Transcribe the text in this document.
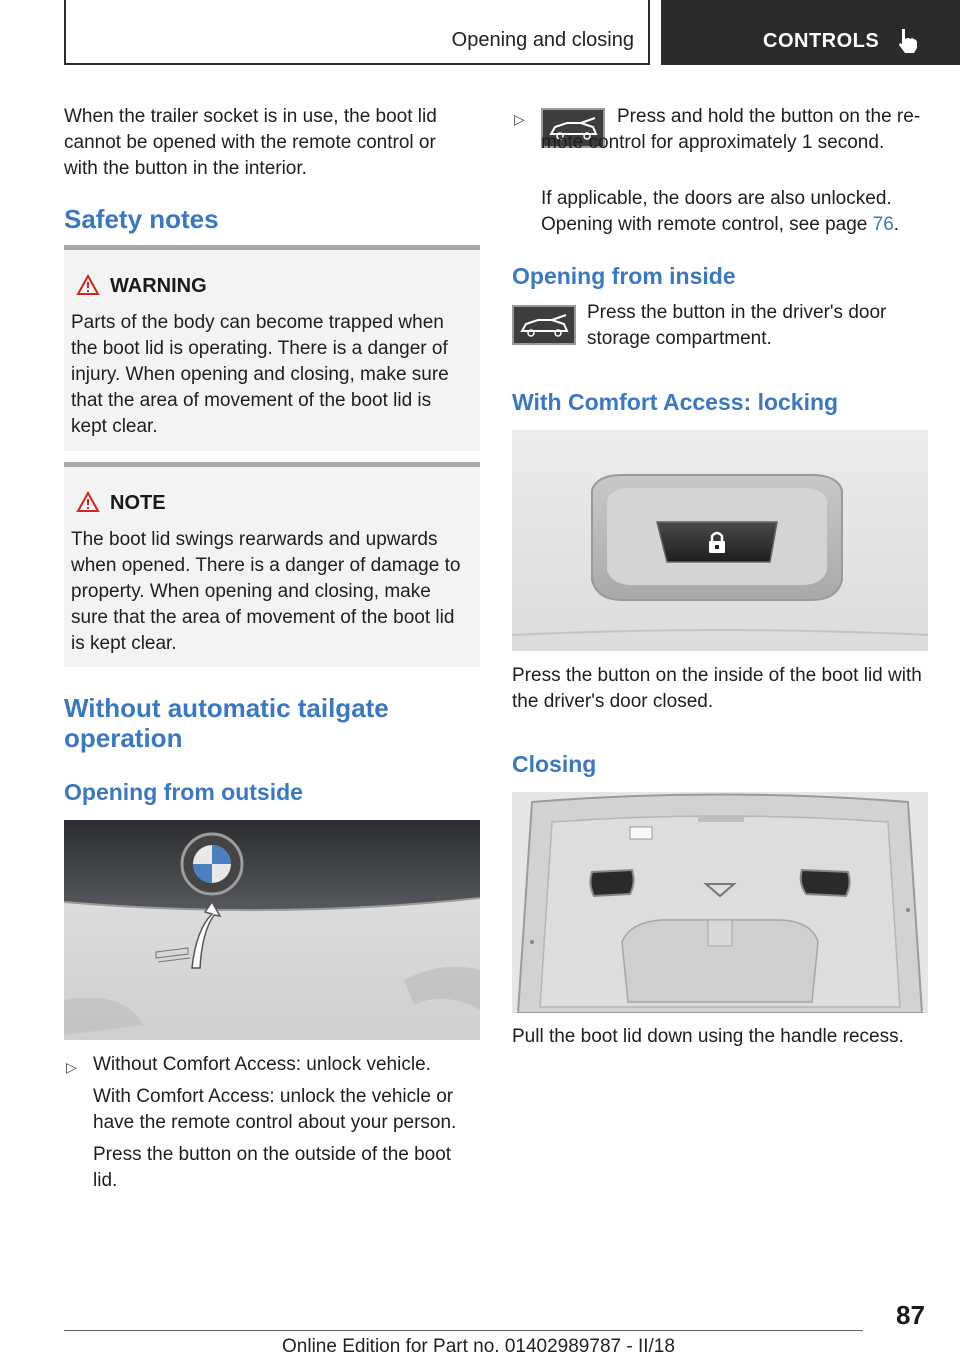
Opening and closing	CONTROLS
When the trailer socket is in use, the boot lid cannot be opened with the remote control or with the button in the interior.
Safety notes
WARNING
Parts of the body can become trapped when the boot lid is operating. There is a danger of injury. When opening and closing, make sure that the area of movement of the boot lid is kept clear.
NOTE
The boot lid swings rearwards and upwards when opened. There is a danger of damage to property. When opening and closing, make sure that the area of movement of the boot lid is kept clear.
Without automatic tailgate operation
Opening from outside
▷ Without Comfort Access: unlock vehicle.
With Comfort Access: unlock the vehicle or have the remote control about your person.
Press the button on the outside of the boot lid.
▷	Press and hold the button on the re-mote control for approximately 1 second.
If applicable, the doors are also unlocked.
Opening with remote control, see page 76.
Opening from inside
Press the button in the driver's door storage compartment.
With Comfort Access: locking
Press the button on the inside of the boot lid with the driver's door closed.
Closing
Pull the boot lid down using the handle recess.
87
Online Edition for Part no. 01402989787 - II/18
